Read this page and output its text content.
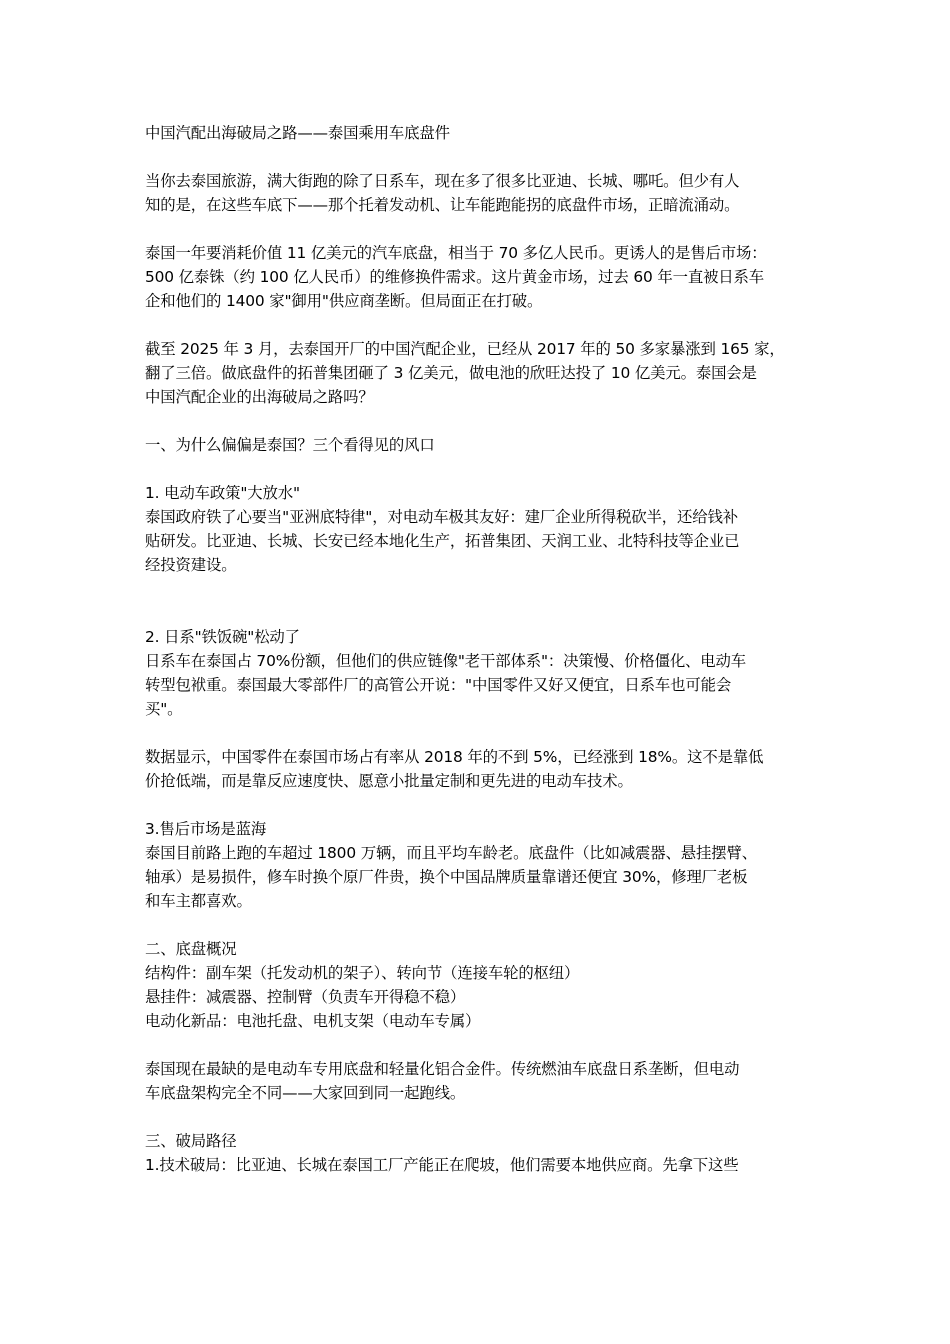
中国汽配出海破局之路——泰国乘用车底盘件
当你去泰国旅游，满大街跑的除了日系车，现在多了很多比亚迪、长城、哪吒。但少有人
知的是，在这些车底下——那个托着发动机、让车能跑能拐的底盘件市场，正暗流涌动。
泰国一年要消耗价值 11 亿美元的汽车底盘，相当于 70 多亿人民币。更诱人的是售后市场：
500 亿泰铢（约 100 亿人民币）的维修换件需求。这片黄金市场，过去 60 年一直被日系车
企和他们的 1400 家"御用"供应商垄断。但局面正在打破。
截至 2025 年 3 月，去泰国开厂的中国汽配企业，已经从 2017 年的 50 多家暴涨到 165 家，
翻了三倍。做底盘件的拓普集团砸了 3 亿美元，做电池的欣旺达投了 10 亿美元。泰国会是
中国汽配企业的出海破局之路吗？
一、为什么偏偏是泰国？三个看得见的风口
1. 电动车政策"大放水"
泰国政府铁了心要当"亚洲底特律"，对电动车极其友好：建厂企业所得税砍半，还给钱补
贴研发。比亚迪、长城、长安已经本地化生产，拓普集团、天润工业、北特科技等企业已
经投资建设。
2. 日系"铁饭碗"松动了
日系车在泰国占 70%份额，但他们的供应链像"老干部体系"：决策慢、价格僵化、电动车
转型包袱重。泰国最大零部件厂的高管公开说："中国零件又好又便宜，日系车也可能会
买"。
数据显示，中国零件在泰国市场占有率从 2018 年的不到 5%，已经涨到 18%。这不是靠低
价抢低端，而是靠反应速度快、愿意小批量定制和更先进的电动车技术。
3.售后市场是蓝海
泰国目前路上跑的车超过 1800 万辆，而且平均车龄老。底盘件（比如减震器、悬挂摆臂、
轴承）是易损件，修车时换个原厂件贵，换个中国品牌质量靠谱还便宜 30%，修理厂老板
和车主都喜欢。
二、底盘概况
结构件：副车架（托发动机的架子）、转向节（连接车轮的枢纽）
悬挂件：减震器、控制臂（负责车开得稳不稳）
电动化新品：电池托盘、电机支架（电动车专属）
泰国现在最缺的是电动车专用底盘和轻量化铝合金件。传统燃油车底盘日系垄断，但电动
车底盘架构完全不同——大家回到同一起跑线。
三、破局路径
1.技术破局：比亚迪、长城在泰国工厂产能正在爬坡，他们需要本地供应商。先拿下这些
